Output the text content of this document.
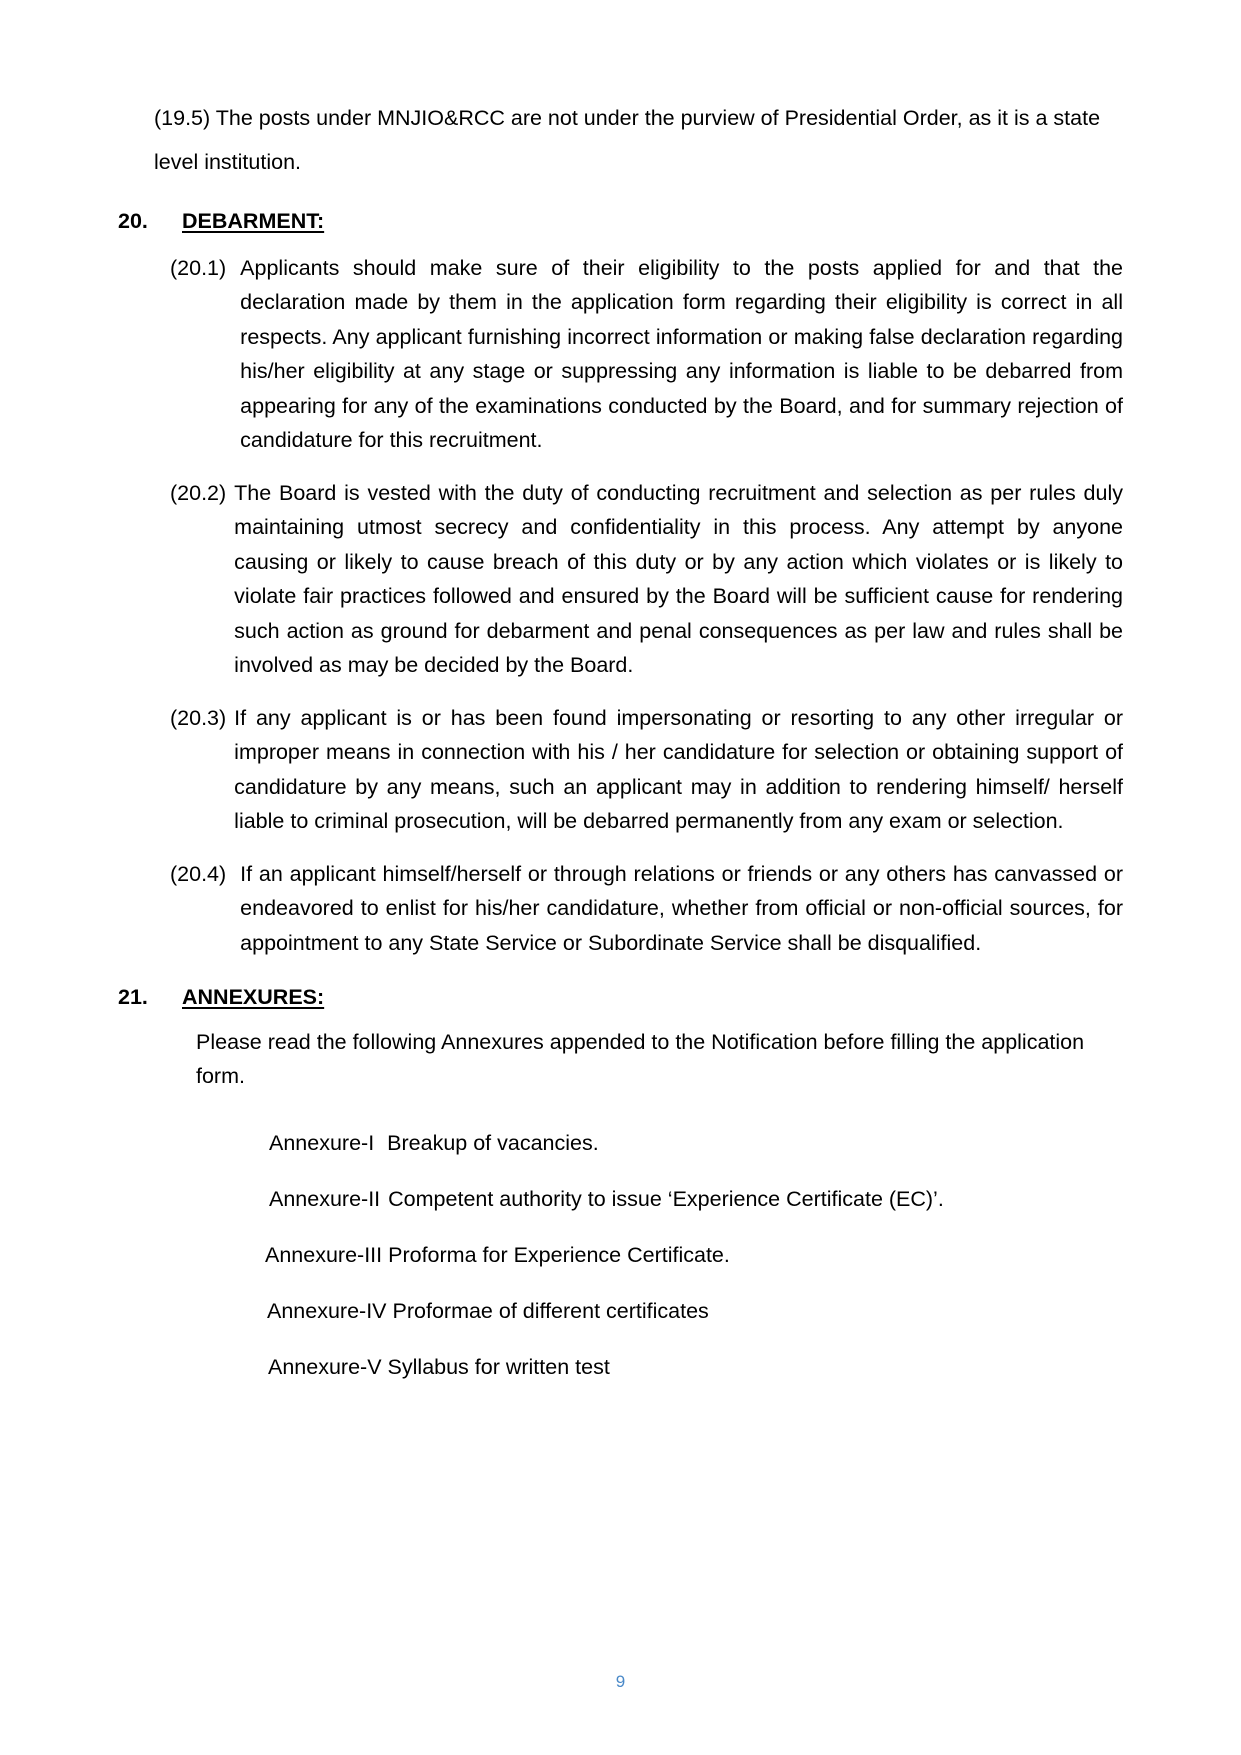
(19.5) The posts under MNJIO&RCC are not under the purview of Presidential Order, as it is a state level institution.

20.	DEBARMENT:
(20.1) Applicants should make sure of their eligibility to the posts applied for and that the declaration made by them in the application form regarding their eligibility is correct in all respects. Any applicant furnishing incorrect information or making false declaration regarding his/her eligibility at any stage or suppressing any information is liable to be debarred from appearing for any of the examinations conducted by the Board, and for summary rejection of candidature for this recruitment.
(20.2) The Board is vested with the duty of conducting recruitment and selection as per rules duly maintaining utmost secrecy and confidentiality in this process. Any attempt by anyone causing or likely to cause breach of this duty or by any action which violates or is likely to violate fair practices followed and ensured by the Board will be sufficient cause for rendering such action as ground for debarment and penal consequences as per law and rules shall be involved as may be decided by the Board.
(20.3) If any applicant is or has been found impersonating or resorting to any other irregular or improper means in connection with his / her candidature for selection or obtaining support of candidature by any means, such an applicant may in addition to rendering himself/ herself liable to criminal prosecution, will be debarred permanently from any exam or selection.
(20.4) If an applicant himself/herself or through relations or friends or any others has canvassed or endeavored to enlist for his/her candidature, whether from official or non-official sources, for appointment to any State Service or Subordinate Service shall be disqualified.
21.	ANNEXURES:

Please read the following Annexures appended to the Notification before filling the application form.

Annexure-I Breakup of vacancies.
Annexure-II Competent authority to issue ‘Experience Certificate (EC)’.
Annexure-III Proforma for Experience Certificate.
Annexure-IV Proformae of different certificates
Annexure-V Syllabus for written test
9
